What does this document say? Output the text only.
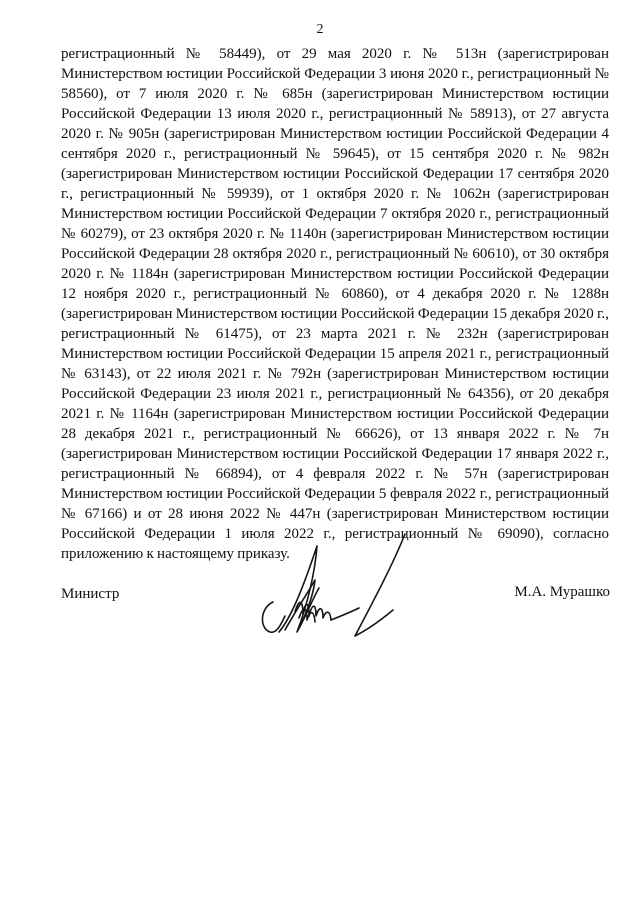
2

регистрационный № 58449), от 29 мая 2020 г. № 513н (зарегистрирован Министерством юстиции Российской Федерации 3 июня 2020 г., регистрационный № 58560), от 7 июля 2020 г. № 685н (зарегистрирован Министерством юстиции Российской Федерации 13 июля 2020 г., регистрационный № 58913), от 27 августа 2020 г. № 905н (зарегистрирован Министерством юстиции Российской Федерации 4 сентября 2020 г., регистрационный № 59645), от 15 сентября 2020 г. № 982н (зарегистрирован Министерством юстиции Российской Федерации 17 сентября 2020 г., регистрационный № 59939), от 1 октября 2020 г. № 1062н (зарегистрирован Министерством юстиции Российской Федерации 7 октября 2020 г., регистрационный № 60279), от 23 октября 2020 г. № 1140н (зарегистрирован Министерством юстиции Российской Федерации 28 октября 2020 г., регистрационный № 60610), от 30 октября 2020 г. № 1184н (зарегистрирован Министерством юстиции Российской Федерации 12 ноября 2020 г., регистрационный № 60860), от 4 декабря 2020 г. № 1288н (зарегистрирован Министерством юстиции Российской Федерации 15 декабря 2020 г., регистрационный № 61475), от 23 марта 2021 г. № 232н (зарегистрирован Министерством юстиции Российской Федерации 15 апреля 2021 г., регистрационный № 63143), от 22 июля 2021 г. № 792н (зарегистрирован Министерством юстиции Российской Федерации 23 июля 2021 г., регистрационный № 64356), от 20 декабря 2021 г. № 1164н (зарегистрирован Министерством юстиции Российской Федерации 28 декабря 2021 г., регистрационный № 66626), от 13 января 2022 г. № 7н (зарегистрирован Министерством юстиции Российской Федерации 17 января 2022 г., регистрационный № 66894), от 4 февраля 2022 г. № 57н (зарегистрирован Министерством юстиции Российской Федерации 5 февраля 2022 г., регистрационный № 67166) и от 28 июня 2022 № 447н (зарегистрирован Министерством юстиции Российской Федерации 1 июля 2022 г., регистрационный № 69090), согласно приложению к настоящему приказу.

Министр	М.А. Мурашко
